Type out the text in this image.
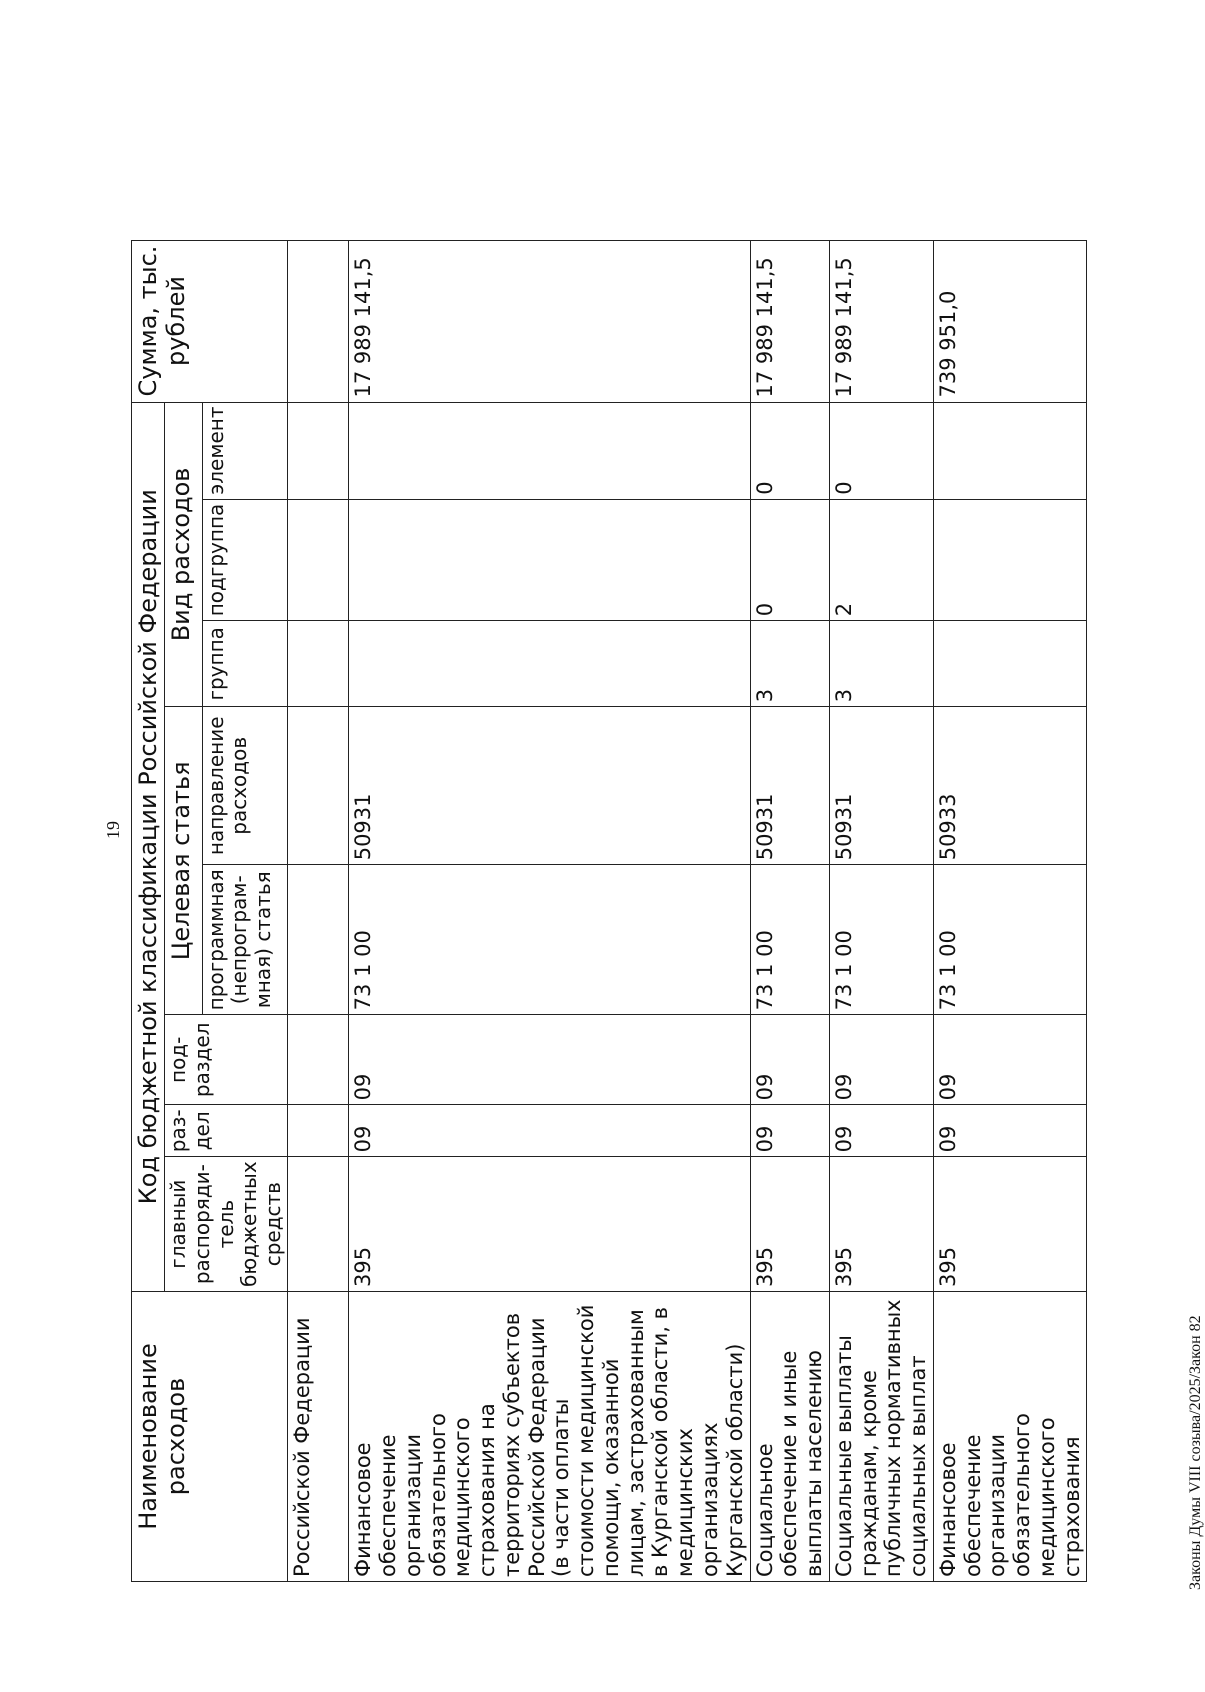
19
Наименование расходов	Код бюджетной классификации Российской Федерации								Сумма, тыс. рублей
	главный распоряди-тель бюджетных средств	раз-дел	под-раздел	Целевая статья		Вид расходов			
				программная (непрограм-мная) статья	направление расходов	группа	подгруппа	элемент	
Российской Федерации									
Финансовое обеспечение организации обязательного медицинского страхования на территориях субъектов Российской Федерации (в части оплаты стоимости медицинской помощи, оказанной лицам, застрахованным в Курганской области, в медицинских организациях Курганской области)	395	09	09	73 1 00	50931				17 989 141,5
Социальное обеспечение и иные выплаты населению	395	09	09	73 1 00	50931	3	0	0	17 989 141,5
Социальные выплаты гражданам, кроме публичных нормативных социальных выплат	395	09	09	73 1 00	50931	3	2	0	17 989 141,5
Финансовое обеспечение организации обязательного медицинского страхования	395	09	09	73 1 00	50933				739 951,0
Законы Думы VIII созыва/2025/Закон 82
